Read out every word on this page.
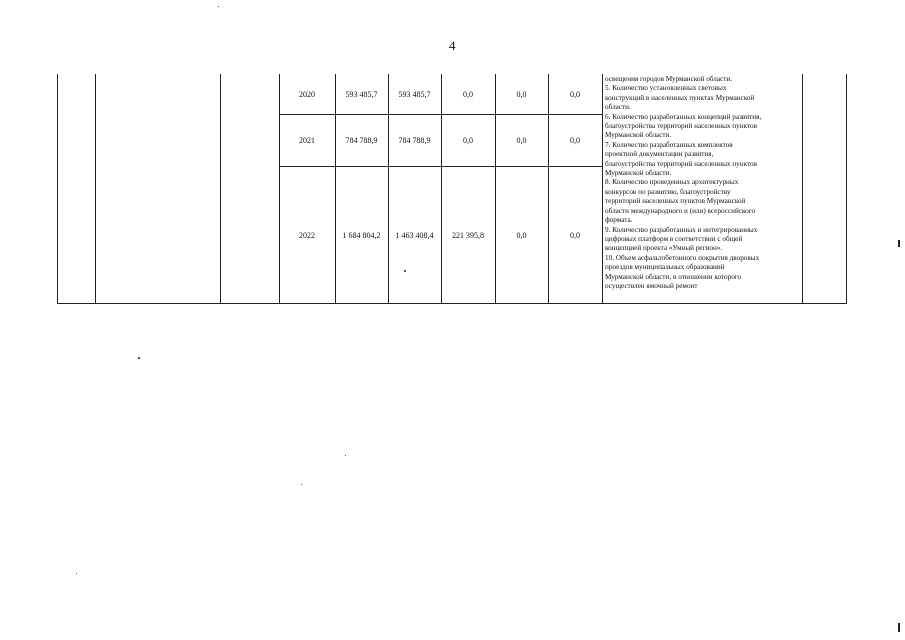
4
2020	593 485,7	593 485,7	0,0	0,0	0,0
2021	784 788,9	784 788,9	0,0	0,0	0,0
2022	1 684 804,2	1 463 408,4	221 395,8	0,0	0,0
освещения городов Мурманской области.
5. Количество установленных световых
конструкций в населенных пунктах Мурманской
области.
6. Количество разработанных концепций развития,
благоустройства территорий населенных пунктов
Мурманской области.
7. Количество разработанных комплектов
проектной документации развития,
благоустройства территорий населенных пунктов
Мурманской области.
8. Количество проведенных архитектурных
конкурсов по развитию, благоустройству
территорий населенных пунктов Мурманской
области международного и (или) всероссийского
формата.
9. Количество разработанных и интегрированных
цифровых платформ в соответствии с общей
концепцией проекта «Умный регион».
10. Объем асфальтобетонного покрытия дворовых
проездов муниципальных образований
Мурманской области, в отношении которого
осуществлен ямочный ремонт
